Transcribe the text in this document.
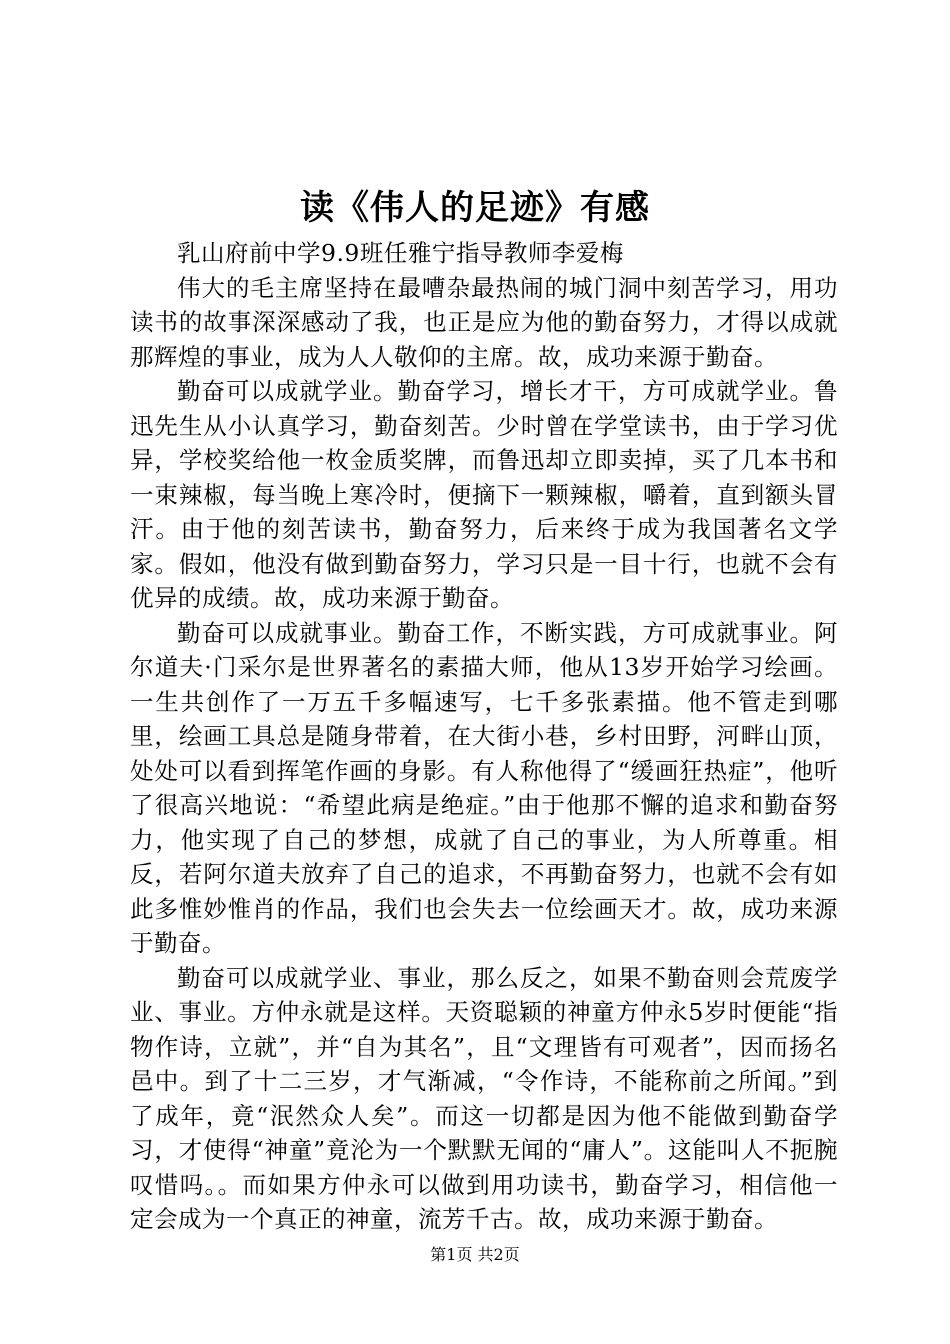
读《伟人的足迹》有感

乳山府前中学9.9班任雅宁指导教师李爱梅

伟大的毛主席坚持在最嘈杂最热闹的城门洞中刻苦学习，用功读书的故事深深感动了我，也正是应为他的勤奋努力，才得以成就那辉煌的事业，成为人人敬仰的主席。故，成功来源于勤奋。

勤奋可以成就学业。勤奋学习，增长才干，方可成就学业。鲁迅先生从小认真学习，勤奋刻苦。少时曾在学堂读书，由于学习优异，学校奖给他一枚金质奖牌，而鲁迅却立即卖掉，买了几本书和一束辣椒，每当晚上寒冷时，便摘下一颗辣椒，嚼着，直到额头冒汗。由于他的刻苦读书，勤奋努力，后来终于成为我国著名文学家。假如，他没有做到勤奋努力，学习只是一目十行，也就不会有优异的成绩。故，成功来源于勤奋。

勤奋可以成就事业。勤奋工作，不断实践，方可成就事业。阿尔道夫·门采尔是世界著名的素描大师，他从13岁开始学习绘画。一生共创作了一万五千多幅速写，七千多张素描。他不管走到哪里，绘画工具总是随身带着，在大街小巷，乡村田野，河畔山顶，处处可以看到挥笔作画的身影。有人称他得了“缓画狂热症”，他听了很高兴地说：“希望此病是绝症。”由于他那不懈的追求和勤奋努力，他实现了自己的梦想，成就了自己的事业，为人所尊重。相反，若阿尔道夫放弃了自己的追求，不再勤奋努力，也就不会有如此多惟妙惟肖的作品，我们也会失去一位绘画天才。故，成功来源于勤奋。

勤奋可以成就学业、事业，那么反之，如果不勤奋则会荒废学业、事业。方仲永就是这样。天资聪颖的神童方仲永5岁时便能“指物作诗，立就”，并“自为其名”，且“文理皆有可观者”，因而扬名邑中。到了十二三岁，才气渐减，“令作诗，不能称前之所闻。”到了成年，竟“泯然众人矣”。而这一切都是因为他不能做到勤奋学习，才使得“神童”竟沦为一个默默无闻的“庸人”。这能叫人不扼腕叹惜吗。。而如果方仲永可以做到用功读书，勤奋学习，相信他一定会成为一个真正的神童，流芳千古。故，成功来源于勤奋。

第1页 共2页
